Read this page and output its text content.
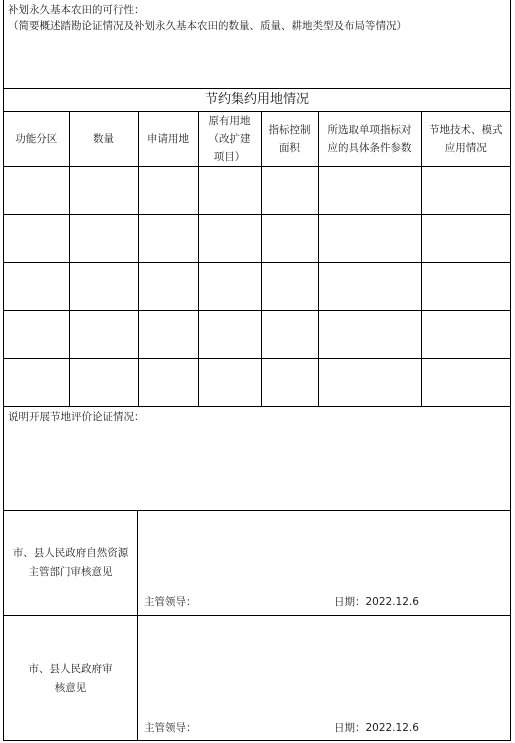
补划永久基本农田的可行性：
（简要概述踏勘论证情况及补划永久基本农田的数量、质量、耕地类型及布局等情况）
节约集约用地情况
功能分区	数量	申请用地	原有用地（改扩建项目）	指标控制面积	所选取单项指标对应的具体条件参数	节地技术、模式应用情况

说明开展节地评价论证情况：
市、县人民政府自然资源主管部门审核意见
主管领导：	日期：2022.12.6
市、县人民政府审核意见
主管领导：	日期：2022.12.6
